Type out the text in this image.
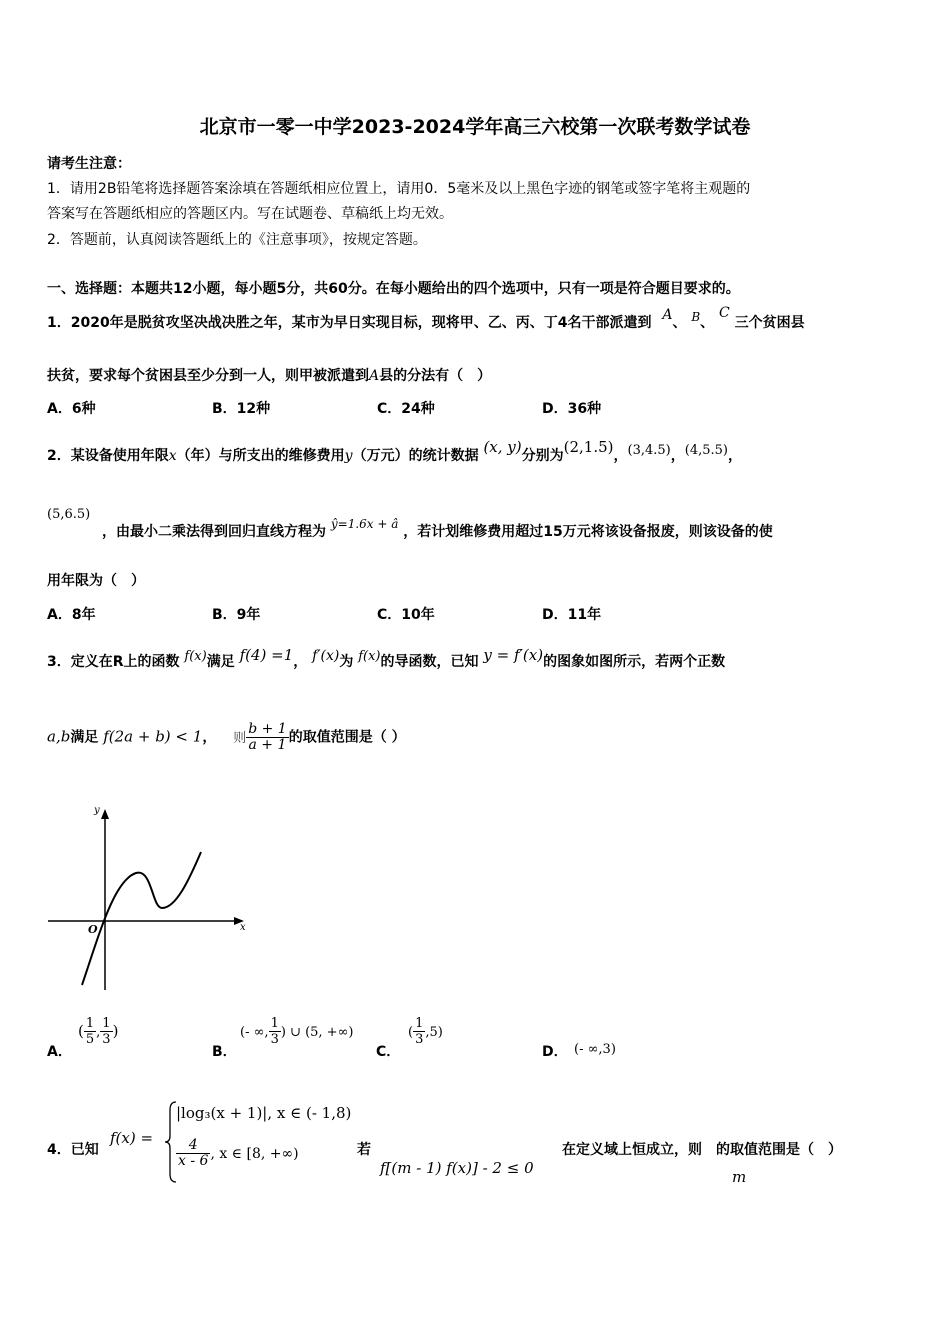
北京市一零一中学2023-2024学年高三六校第一次联考数学试卷
请考生注意：
1．请用2B铅笔将选择题答案涂填在答题纸相应位置上，请用0．5毫米及以上黑色字迹的钢笔或签字笔将主观题的
答案写在答题纸相应的答题区内。写在试题卷、草稿纸上均无效。
2．答题前，认真阅读答题纸上的《注意事项》，按规定答题。
一、选择题：本题共12小题，每小题5分，共60分。在每小题给出的四个选项中，只有一项是符合题目要求的。
1．2020年是脱贫攻坚决战决胜之年，某市为早日实现目标，现将甲、乙、丙、丁4名干部派遣到 A、 B、 C 三个贫困县
扶贫，要求每个贫困县至少分到一人，则甲被派遣到A县的分法有（　）
A．6种	B．12种	C．24种	D．36种
2．某设备使用年限x（年）与所支出的维修费用y（万元）的统计数据 (x, y)分别为(2,1.5)，(3,4.5)，(4,5.5)，
(5,6.5)
，由最小二乘法得到回归直线方程为 ŷ=1.6x + â ，若计划维修费用超过15万元将该设备报废，则该设备的使
用年限为（　）
A．8年	B．9年	C．10年	D．11年
3．定义在R上的函数 f(x)满足 f(4) =1， f′(x)为 f(x)的导函数，已知 y = f′(x)的图象如图所示，若两个正数
a,b满足 f(2a + b) < 1， 则 $\frac{b + 1}{a + 1}$ 的取值范围是（ ）
y
x
O
A．
( $\frac{1}{5}$ , $\frac{1}{3}$ )
B．
(- ∞, $\frac{1}{3}$ ) ∪ (5, +∞)
C．
( $\frac{1}{3} ,5$)
D． (- ∞,3)
4．已知
f(x) =
|log₃(x + 1)|, x ∈ (- 1,8)
$\frac{4}{x - 6}$ , x ∈ [8, +∞)	若
f[(m - 1) f(x)] - 2 ≤ 0
在定义域上恒成立，则 的取值范围是（　）
m
